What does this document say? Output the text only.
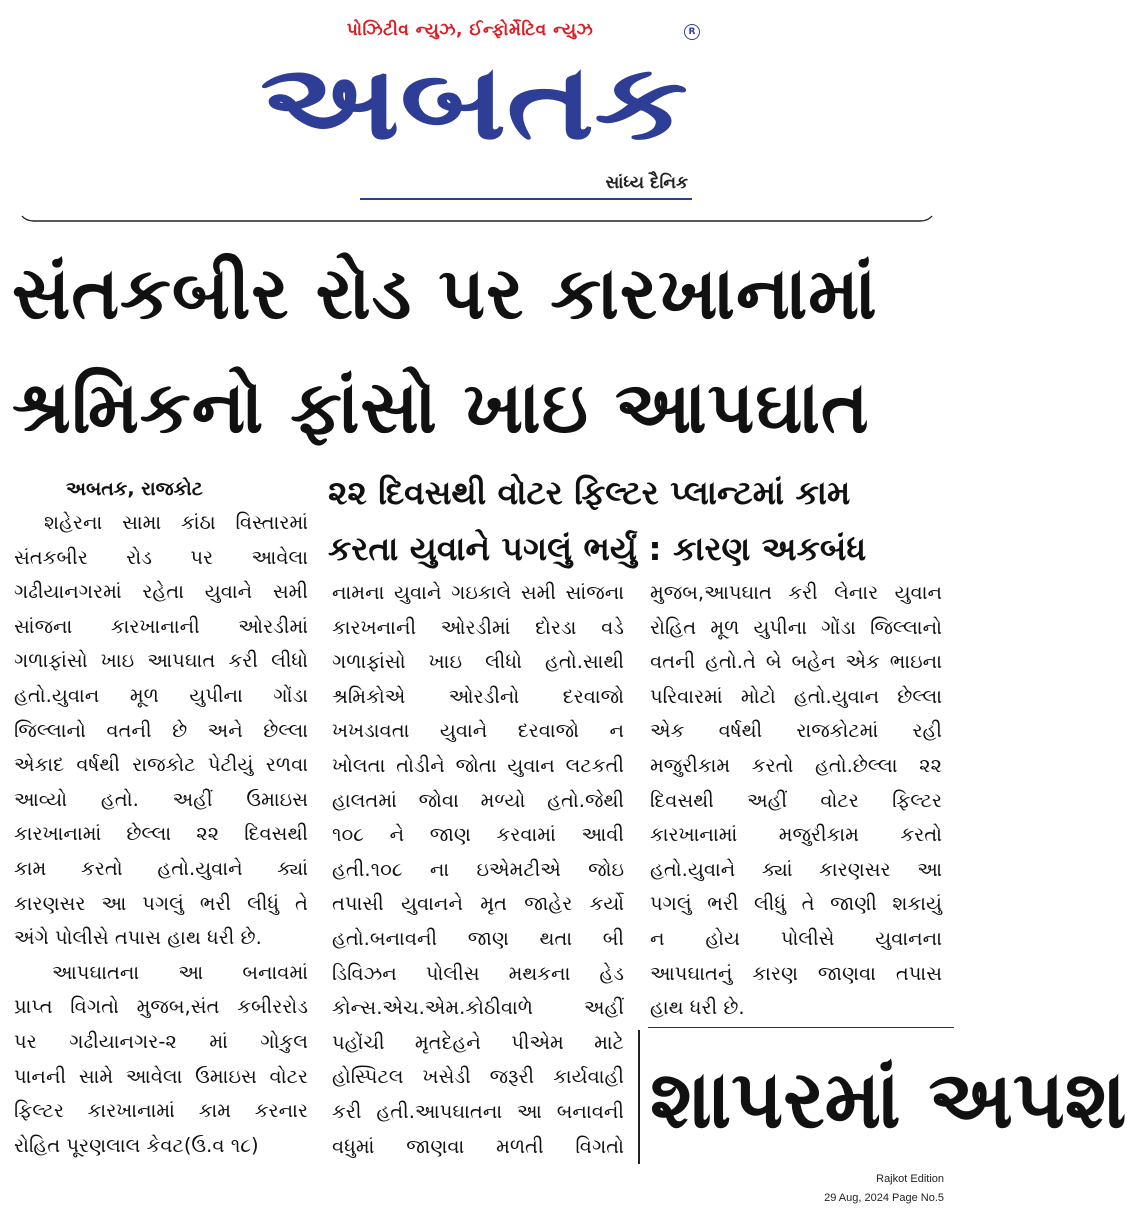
પોઝિટીવ ન્યુઝ, ઈન્ફોર્મેટિવ ન્યુઝ
અબતક
R
સાંધ્ય દૈનિક
સંતકબીર રોડ પર કારખાનામાં
શ્રમિકનો ફાંસો ખાઇ આપઘાત
અબતક, રાજકોટ	૨૨ દિવસથી વોટર ફિલ્ટર પ્લાન્ટમાં કામ
કરતા યુવાને પગલું ભર્યું : કારણ અકબંધ

શહેરના સામા કાંઠા વિસ્તારમાં

સંતકબીર રોડ પર આવેલા

ગઢીયાનગરમાં રહેતા યુવાને સમી

સાંજના કારખાનાની ઓરડીમાં

ગળાફાંસો ખાઇ આપઘાત કરી લીધો

હતો.યુવાન મૂળ યુપીના ગોંડા

જિલ્લાનો વતની છે અને છેલ્લા

એકાદ વર્ષથી રાજકોટ પેટીયું રળવા

આવ્યો હતો. અહીં ઉમાઇસ

કારખાનામાં છેલ્લા ૨૨ દિવસથી

કામ કરતો હતો.યુવાને ક્યાં

કારણસર આ પગલું ભરી લીધું તે

અંગે પોલીસે તપાસ હાથ ધરી છે.

આપઘાતના આ બનાવમાં

પ્રાપ્ત વિગતો મુજબ,સંત કબીરરોડ

પર ગઢીયાનગર-૨ માં ગોકુલ

પાનની સામે આવેલા ઉમાઇસ વોટર

ફિલ્ટર કારખાનામાં કામ કરનાર

રોહિત પૂરણલાલ કેવટ(ઉ.વ ૧૮)

નામના યુવાને ગઇકાલે સમી સાંજના

કારખનાની ઓરડીમાં દોરડા વડે

ગળાફાંસો ખાઇ લીધો હતો.સાથી

શ્રમિકોએ ઓરડીનો દરવાજો

ખખડાવતા યુવાને દરવાજો ન

ખોલતા તોડીને જોતા યુવાન લટકતી

હાલતમાં જોવા મળ્યો હતો.જેથી

૧૦૮ ને જાણ કરવામાં આવી

હતી.૧૦૮ ના ઇએમટીએ જોઇ

તપાસી યુવાનને મૃત જાહેર કર્યો

હતો.બનાવની જાણ થતા બી

ડિવિઝન પોલીસ મથકના હેડ

કોન્સ.એચ.એમ.કોઠીવાળે અહીં

પહોંચી મૃતદેહને પીએમ માટે

હોસ્પિટલ ખસેડી જરૂરી કાર્યવાહી

કરી હતી.આપઘાતના આ બનાવની

વધુમાં જાણવા મળતી વિગતો

મુજબ,આપઘાત કરી લેનાર યુવાન

રોહિત મૂળ યુપીના ગોંડા જિલ્લાનો

વતની હતો.તે બે બહેન એક ભાઇના

પરિવારમાં મોટો હતો.યુવાન છેલ્લા

એક વર્ષથી રાજકોટમાં રહી

મજુરીકામ કરતો હતો.છેલ્લા ૨૨

દિવસથી અહીં વોટર ફિલ્ટર

કારખાનામાં મજુરીકામ કરતો

હતો.યુવાને ક્યાં કારણસર આ

પગલું ભરી લીધું તે જાણી શકાયું

ન હોય પોલીસે યુવાનના

આપઘાતનું કારણ જાણવા તપાસ

હાથ ધરી છે.

શાપરમાં અપશ
Rajkot Edition
29 Aug, 2024 Page No.5
